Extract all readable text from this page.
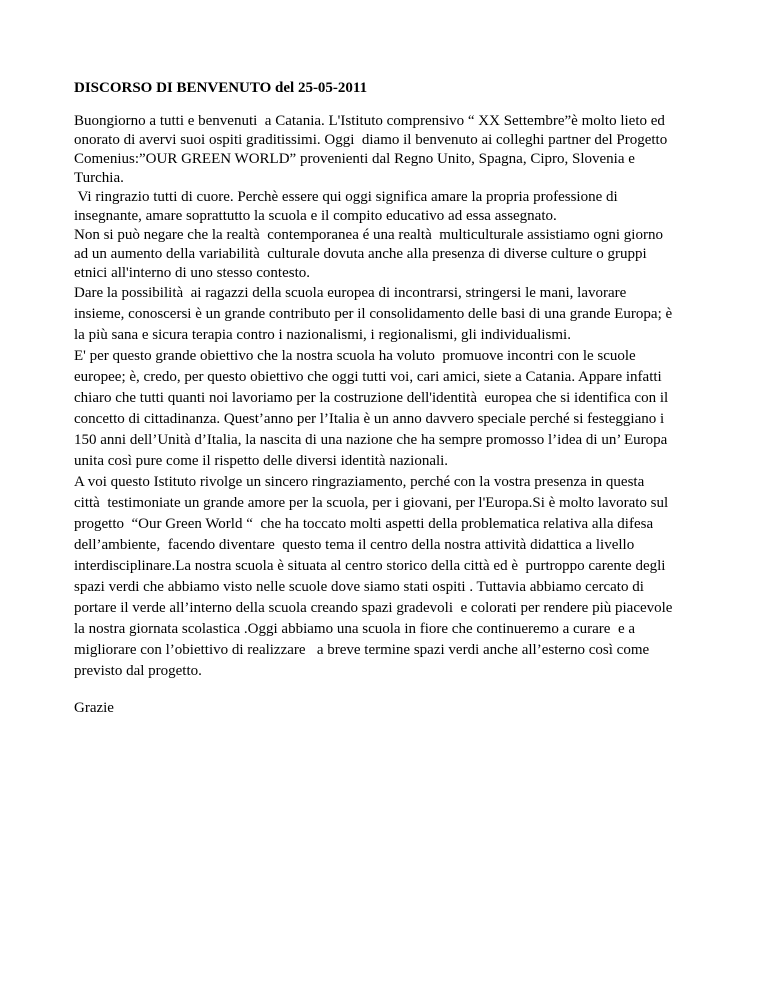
DISCORSO DI BENVENUTO del 25-05-2011
Buongiorno a tutti e benvenuti  a Catania. L'Istituto comprensivo “ XX Settembre”è molto lieto ed
onorato di avervi suoi ospiti graditissimi. Oggi  diamo il benvenuto ai colleghi partner del Progetto
Comenius:”OUR GREEN WORLD” provenienti dal Regno Unito, Spagna, Cipro, Slovenia e
Turchia.
Vi ringrazio tutti di cuore. Perchè essere qui oggi significa amare la propria professione di
insegnante, amare soprattutto la scuola e il compito educativo ad essa assegnato.
Non si può negare che la realtà  contemporanea é una realtà  multiculturale assistiamo ogni giorno
ad un aumento della variabilità  culturale dovuta anche alla presenza di diverse culture o gruppi
etnici all'interno di uno stesso contesto.
Dare la possibilità  ai ragazzi della scuola europea di incontrarsi, stringersi le mani, lavorare
insieme, conoscersi è un grande contributo per il consolidamento delle basi di una grande Europa; è
la più sana e sicura terapia contro i nazionalismi, i regionalismi, gli individualismi.
E' per questo grande obiettivo che la nostra scuola ha voluto  promuove incontri con le scuole
europee; è, credo, per questo obiettivo che oggi tutti voi, cari amici, siete a Catania. Appare infatti
chiaro che tutti quanti noi lavoriamo per la costruzione dell'identità  europea che si identifica con il
concetto di cittadinanza. Quest’anno per l’Italia è un anno davvero speciale perché si festeggiano i
150 anni dell’Unità d’Italia, la nascita di una nazione che ha sempre promosso l’idea di un’ Europa
unita così pure come il rispetto delle diversi identità nazionali.
A voi questo Istituto rivolge un sincero ringraziamento, perché con la vostra presenza in questa
città  testimoniate un grande amore per la scuola, per i giovani, per l'Europa.Si è molto lavorato sul
progetto  “Our Green World “  che ha toccato molti aspetti della problematica relativa alla difesa
dell’ambiente,  facendo diventare  questo tema il centro della nostra attività didattica a livello
interdisciplinare.La nostra scuola è situata al centro storico della città ed è  purtroppo carente degli
spazi verdi che abbiamo visto nelle scuole dove siamo stati ospiti . Tuttavia abbiamo cercato di
portare il verde all’interno della scuola creando spazi gradevoli  e colorati per rendere più piacevole
la nostra giornata scolastica .Oggi abbiamo una scuola in fiore che continueremo a curare  e a
migliorare con l’obiettivo di realizzare   a breve termine spazi verdi anche all’esterno così come
previsto dal progetto.
Grazie
